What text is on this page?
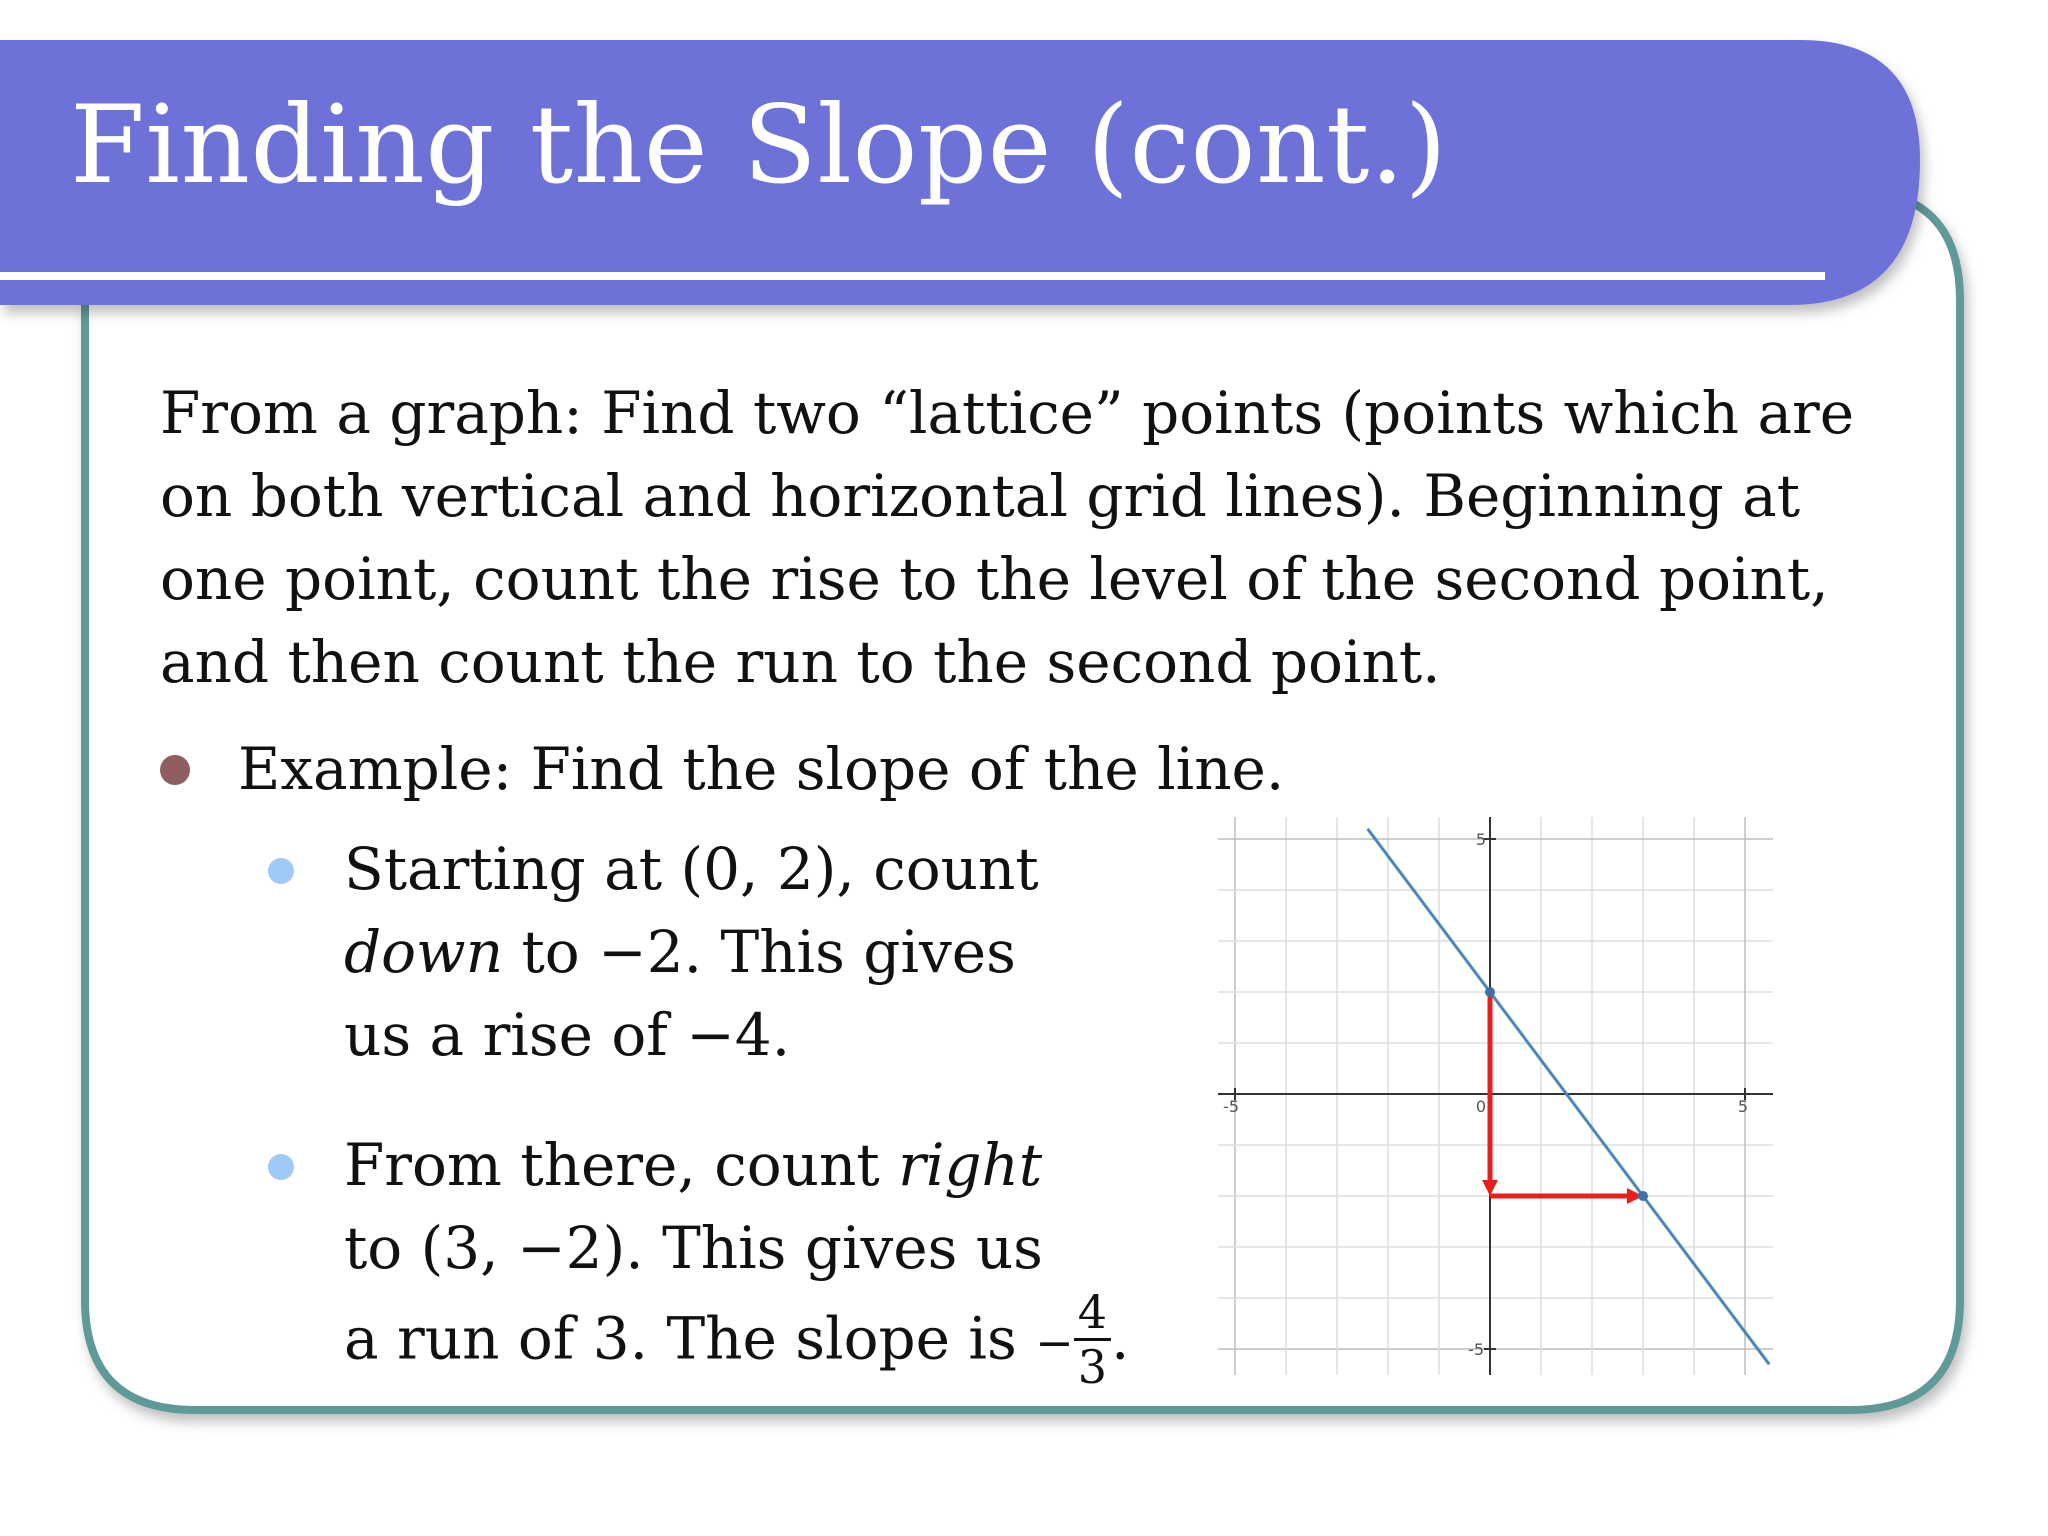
Finding the Slope (cont.)

From a graph: Find two “lattice” points (points which are on both vertical and horizontal grid lines). Beginning at one point, count the rise to the level of the second point, and then count the run to the second point.

Example: Find the slope of the line.
Starting at (0, 2), count
down to −2. This gives
us a rise of −4.
From there, count right
to (3, −2). This gives us
a run of 3. The slope is − $\frac{4}{3}$ .
-5	0	5
5
-5
